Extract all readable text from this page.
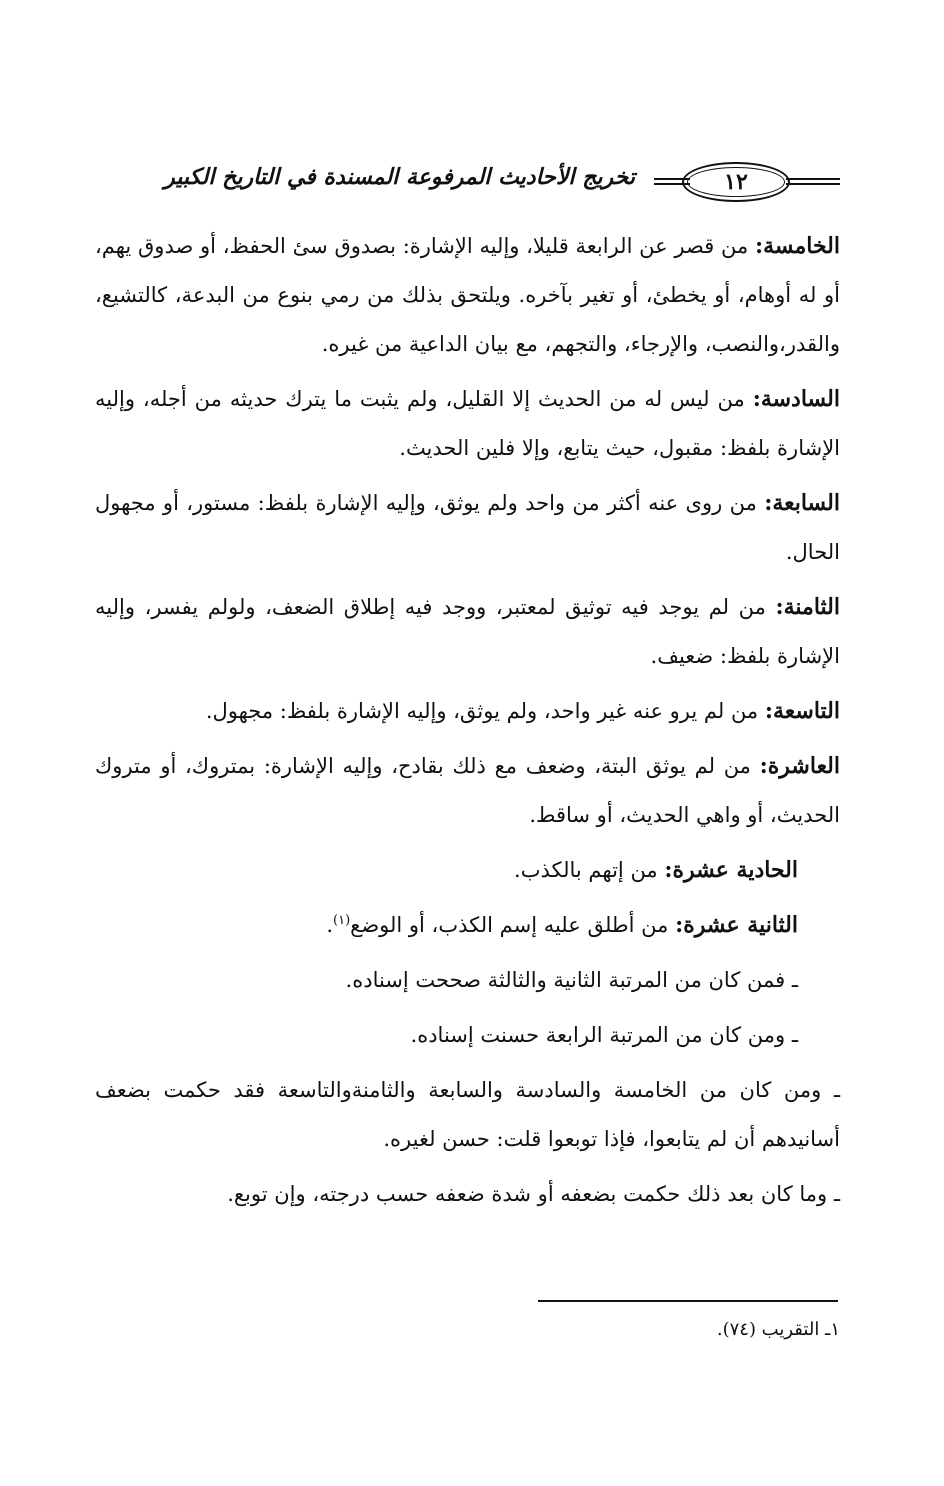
١٢
تخريج الأحاديث المرفوعة المسندة في التاريخ الكبير

الخامسة: من قصر عن الرابعة قليلا، وإليه الإشارة: بصدوق سئ الحفظ، أو صدوق يهم، أو له أوهام، أو يخطئ، أو تغير بآخره. ويلتحق بذلك من رمي بنوع من البدعة، كالتشيع، والقدر،والنصب، والإرجاء، والتجهم، مع بيان الداعية من غيره.

السادسة: من ليس له من الحديث إلا القليل، ولم يثبت ما يترك حديثه من أجله، وإليه الإشارة بلفظ: مقبول، حيث يتابع، وإلا فلين الحديث.

السابعة: من روى عنه أكثر من واحد ولم يوثق، وإليه الإشارة بلفظ: مستور، أو مجهول الحال.

الثامنة: من لم يوجد فيه توثيق لمعتبر، ووجد فيه إطلاق الضعف، ولولم يفسر، وإليه الإشارة بلفظ: ضعيف.

التاسعة: من لم يرو عنه غير واحد، ولم يوثق، وإليه الإشارة بلفظ: مجهول.

العاشرة: من لم يوثق البتة، وضعف مع ذلك بقادح، وإليه الإشارة: بمتروك، أو متروك الحديث، أو واهي الحديث، أو ساقط.

الحادية عشرة: من إتهم بالكذب.

الثانية عشرة: من أطلق عليه إسم الكذب، أو الوضع$^{(١)}$.

ـ فمن كان من المرتبة الثانية والثالثة صححت إسناده.

ـ ومن كان من المرتبة الرابعة حسنت إسناده.

ـ ومن كان من الخامسة والسادسة والسابعة والثامنةوالتاسعة فقد حكمت بضعف أسانيدهم أن لم يتابعوا، فإذا توبعوا قلت: حسن لغيره.

ـ وما كان بعد ذلك حكمت بضعفه أو شدة ضعفه حسب درجته، وإن توبع.

١ـ التقريب (٧٤).
